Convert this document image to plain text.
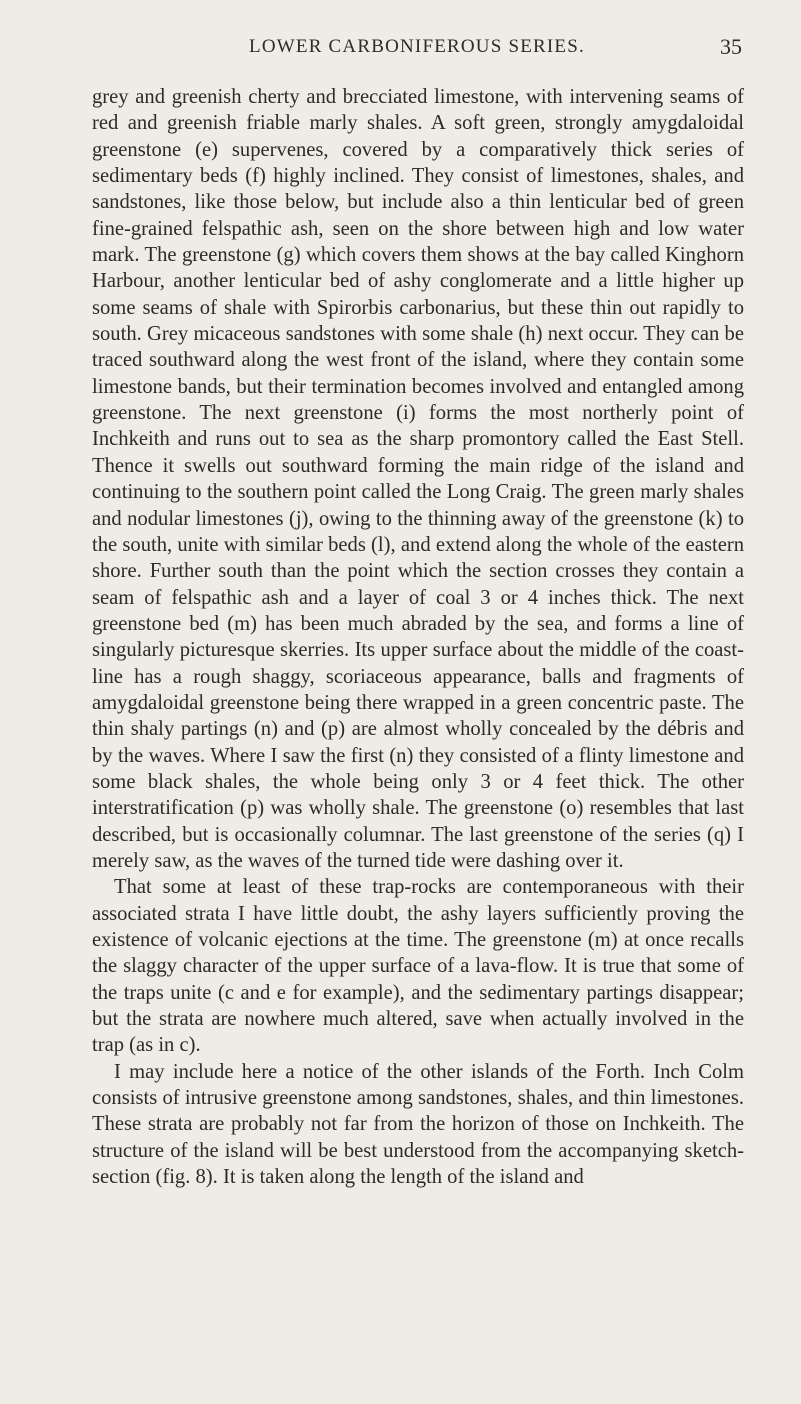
LOWER CARBONIFEROUS SERIES.	35

grey and greenish cherty and brecciated limestone, with intervening seams of red and greenish friable marly shales. A soft green, strongly amygdaloidal greenstone (e) supervenes, covered by a comparatively thick series of sedimentary beds (f) highly inclined. They consist of limestones, shales, and sandstones, like those below, but include also a thin lenticular bed of green fine-grained felspathic ash, seen on the shore between high and low water mark. The greenstone (g) which covers them shows at the bay called Kinghorn Harbour, another lenticular bed of ashy conglomerate and a little higher up some seams of shale with Spirorbis carbonarius, but these thin out rapidly to south. Grey micaceous sandstones with some shale (h) next occur. They can be traced southward along the west front of the island, where they contain some limestone bands, but their termination becomes involved and entangled among greenstone. The next greenstone (i) forms the most northerly point of Inchkeith and runs out to sea as the sharp promontory called the East Stell. Thence it swells out southward forming the main ridge of the island and continuing to the southern point called the Long Craig. The green marly shales and nodular limestones (j), owing to the thinning away of the greenstone (k) to the south, unite with similar beds (l), and extend along the whole of the eastern shore. Further south than the point which the section crosses they contain a seam of felspathic ash and a layer of coal 3 or 4 inches thick. The next greenstone bed (m) has been much abraded by the sea, and forms a line of singularly picturesque skerries. Its upper surface about the middle of the coast-line has a rough shaggy, scoriaceous appearance, balls and fragments of amygdaloidal greenstone being there wrapped in a green concentric paste. The thin shaly partings (n) and (p) are almost wholly concealed by the débris and by the waves. Where I saw the first (n) they consisted of a flinty limestone and some black shales, the whole being only 3 or 4 feet thick. The other interstratification (p) was wholly shale. The greenstone (o) resembles that last described, but is occasionally columnar. The last greenstone of the series (q) I merely saw, as the waves of the turned tide were dashing over it.

That some at least of these trap-rocks are contemporaneous with their associated strata I have little doubt, the ashy layers sufficiently proving the existence of volcanic ejections at the time. The greenstone (m) at once recalls the slaggy character of the upper surface of a lava-flow. It is true that some of the traps unite (c and e for example), and the sedimentary partings disappear; but the strata are nowhere much altered, save when actually involved in the trap (as in c).

I may include here a notice of the other islands of the Forth. Inch Colm consists of intrusive greenstone among sandstones, shales, and thin limestones. These strata are probably not far from the horizon of those on Inchkeith. The structure of the island will be best understood from the accompanying sketch-section (fig. 8). It is taken along the length of the island and
